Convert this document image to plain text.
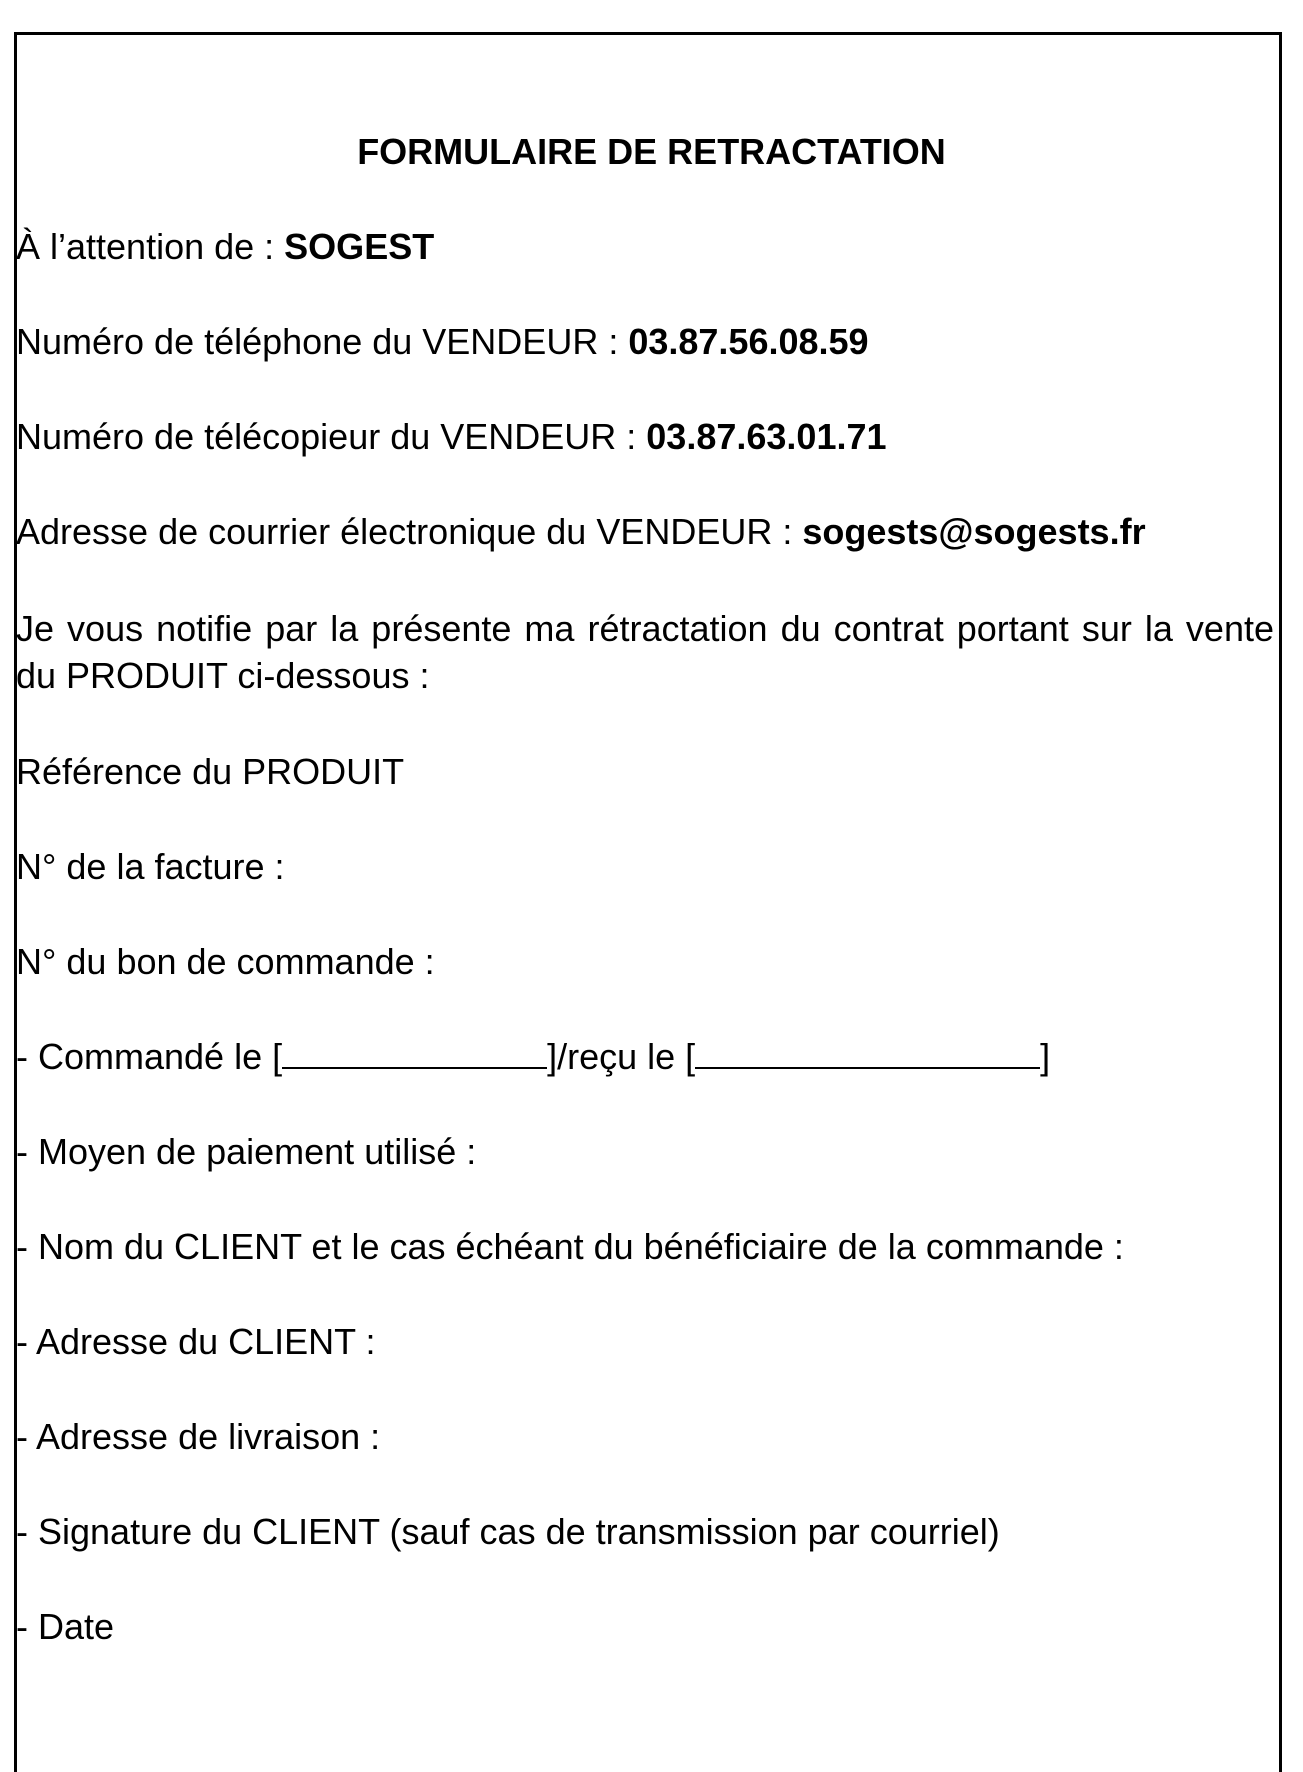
FORMULAIRE DE RETRACTATION
À l’attention de : SOGEST
Numéro de téléphone du VENDEUR : 03.87.56.08.59
Numéro de télécopieur du VENDEUR : 03.87.63.01.71
Adresse de courrier électronique du VENDEUR : sogests@sogests.fr
Je vous notifie par la présente ma rétractation du contrat portant sur la vente du PRODUIT ci-dessous :
Référence du PRODUIT
N° de la facture :
N° du bon de commande :
- Commandé le [	]/reçu le [	]
- Moyen de paiement utilisé :
- Nom du CLIENT et le cas échéant du bénéficiaire de la commande :
- Adresse du CLIENT :
- Adresse de livraison :
- Signature du CLIENT (sauf cas de transmission par courriel)
- Date
